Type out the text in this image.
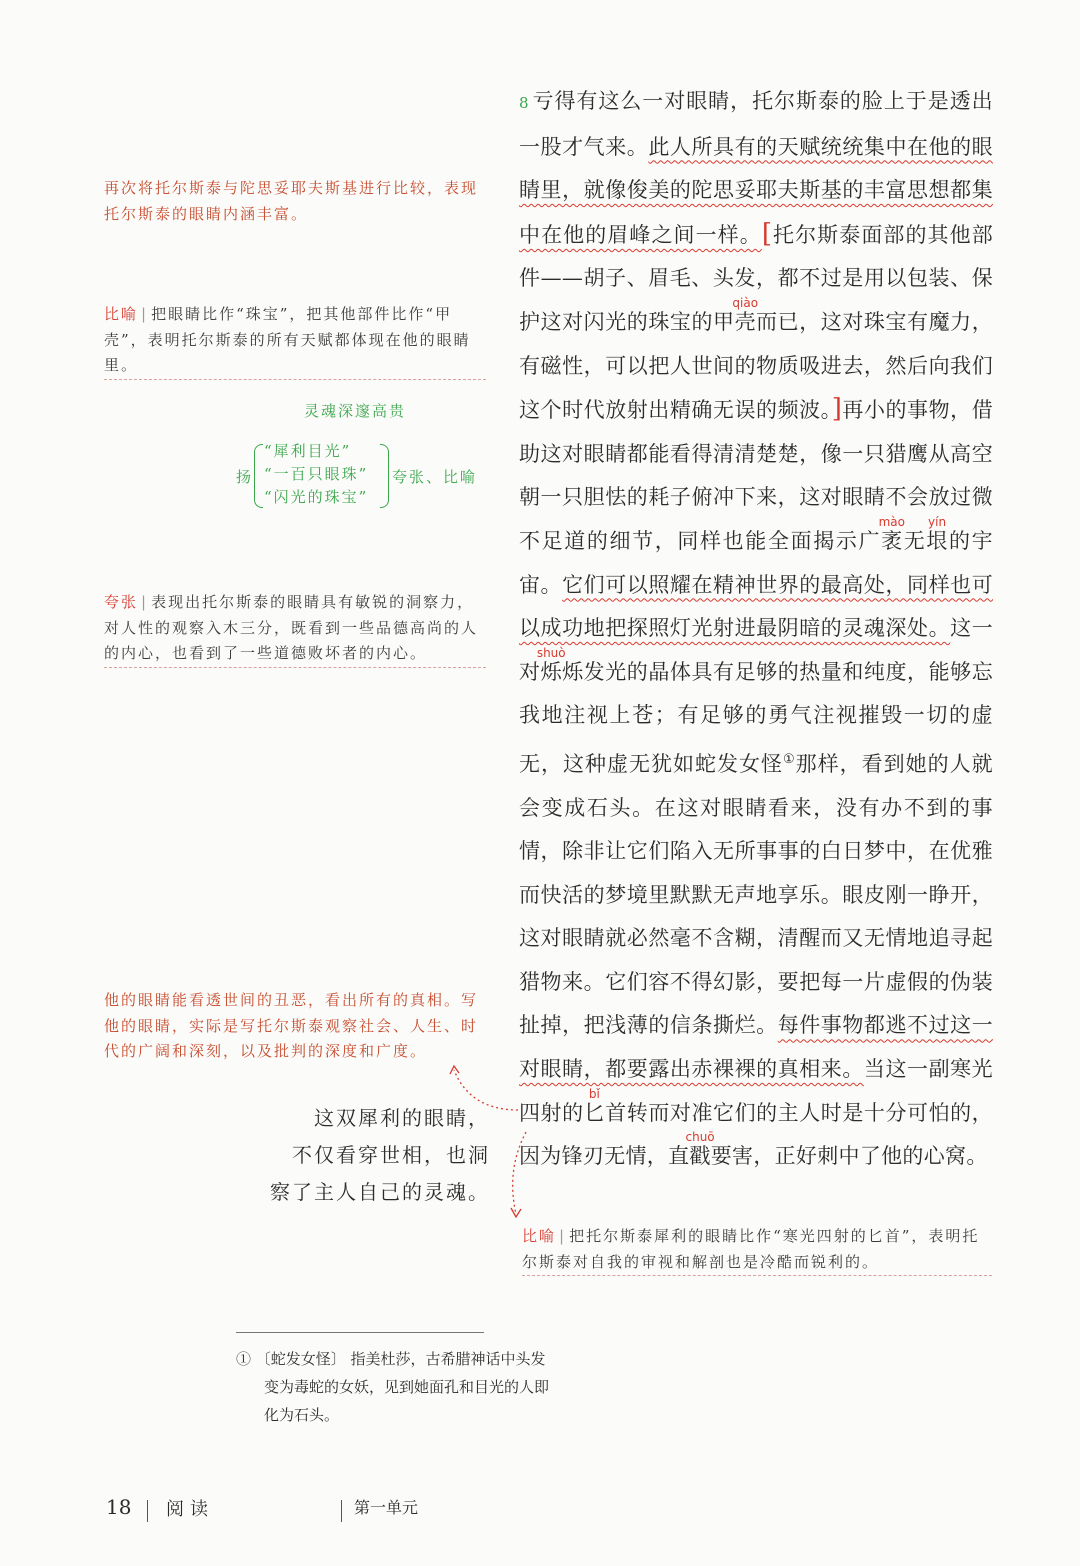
8 亏得有这么一对眼睛，托尔斯泰的脸上于是透出一股才气来。此人所具有的天赋统统集中在他的眼睛里，就像俊美的陀思妥耶夫斯基的丰富思想都集中在他的眉峰之间一样。[托尔斯泰面部的其他部件——胡子、眉毛、头发，都不过是用以包装、保护这对闪光的珠宝的甲壳qiào而已，这对珠宝有魔力，有磁性，可以把人世间的物质吸进去，然后向我们这个时代放射出精确无误的频波。]再小的事物，借助这对眼睛都能看得清清楚楚，像一只猎鹰从高空朝一只胆怯的耗子俯冲下来，这对眼睛不会放过微不足道的细节，同样也能全面揭示广袤mào无垠yín的宇宙。它们可以照耀在精神世界的最高处，同样也可以成功地把探照灯光射进最阴暗的灵魂深处。这一对烁shuò烁发光的晶体具有足够的热量和纯度，能够忘我地注视上苍；有足够的勇气注视摧毁一切的虚无，这种虚无犹如蛇发女怪①那样，看到她的人就会变成石头。在这对眼睛看来，没有办不到的事情，除非让它们陷入无所事事的白日梦中，在优雅而快活的梦境里默默无声地享乐。眼皮刚一睁开，这对眼睛就必然毫不含糊，清醒而又无情地追寻起猎物来。它们容不得幻影，要把每一片虚假的伪装扯掉，把浅薄的信条撕烂。每件事物都逃不过这一对眼睛，都要露出赤裸裸的真相来。当这一副寒光四射的匕bǐ首转而对准它们的主人时是十分可怕的，因为锋刃无情，直戳chuō要害，正好刺中了他的心窝。

再次将托尔斯泰与陀思妥耶夫斯基进行比较，表现托尔斯泰的眼睛内涵丰富。
比喻 | 把眼睛比作“珠宝”，把其他部件比作“甲壳”，表明托尔斯泰的所有天赋都体现在他的眼睛里。
灵魂深邃高贵
扬
“犀利目光”
“一百只眼珠”
“闪光的珠宝”
夸张、比喻
夸张 | 表现出托尔斯泰的眼睛具有敏锐的洞察力，对人性的观察入木三分，既看到一些品德高尚的人的内心，也看到了一些道德败坏者的内心。
他的眼睛能看透世间的丑恶，看出所有的真相。写他的眼睛，实际是写托尔斯泰观察社会、人生、时代的广阔和深刻，以及批判的深度和广度。
这双犀利的眼睛，
不仅看穿世相，也洞
察了主人自己的灵魂。
比喻 | 把托尔斯泰犀利的眼睛比作“寒光四射的匕首”，表明托尔斯泰对自我的审视和解剖也是冷酷而锐利的。
① 〔蛇发女怪〕 指美杜莎，古希腊神话中头发
变为毒蛇的女妖，见到她面孔和目光的人即
化为石头。
18 阅读	第一单元
